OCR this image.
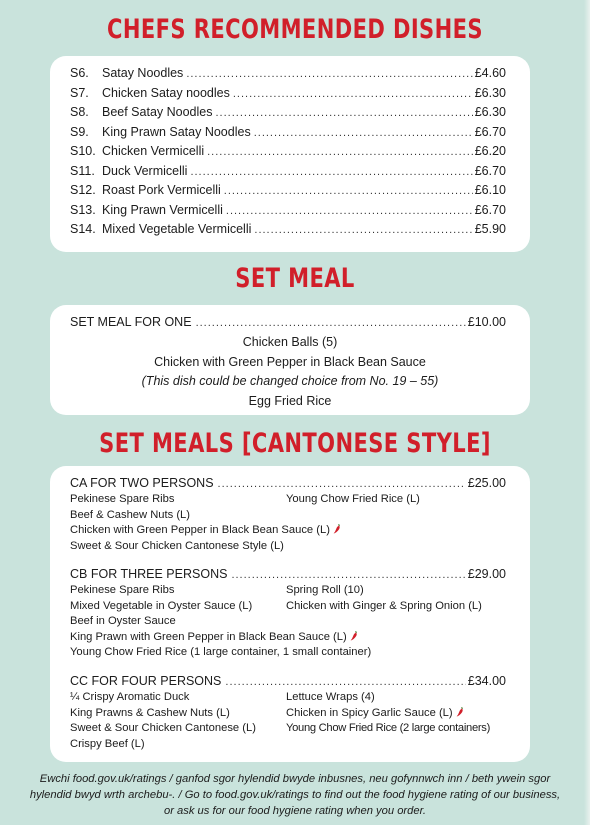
CHEFS RECOMMENDED DISHES
S6.	Satay Noodles .....	£4.60
S7.	Chicken Satay noodles .....	£6.30
S8.	Beef Satay Noodles .....	£6.30
S9.	King Prawn Satay Noodles .....	£6.70
S10. Chicken Vermicelli .....	£6.20
S11. Duck Vermicelli .....	£6.70
S12. Roast Pork Vermicelli .....	£6.10
S13. King Prawn Vermicelli .....	£6.70
S14. Mixed Vegetable Vermicelli .....	£5.90
SET MEAL
SET MEAL FOR ONE .....	£10.00
Chicken Balls (5)
Chicken with Green Pepper in Black Bean Sauce
(This dish could be changed choice from No. 19 – 55)
Egg Fried Rice
SET MEALS [CANTONESE STYLE]
CA FOR TWO PERSONS .....	£25.00
Pekinese Spare Ribs	Young Chow Fried Rice (L)
Beef & Cashew Nuts (L)
Chicken with Green Pepper in Black Bean Sauce (L)
Sweet & Sour Chicken Cantonese Style (L)
CB FOR THREE PERSONS .....	£29.00
Pekinese Spare Ribs	Spring Roll (10)
Mixed Vegetable in Oyster Sauce (L)	Chicken with Ginger & Spring Onion (L)
Beef in Oyster Sauce
King Prawn with Green Pepper in Black Bean Sauce (L)
Young Chow Fried Rice (1 large container, 1 small container)
CC FOR FOUR PERSONS .....	£34.00
¼ Crispy Aromatic Duck	Lettuce Wraps (4)
King Prawns & Cashew Nuts (L)	Chicken in Spicy Garlic Sauce (L)
Sweet & Sour Chicken Cantonese (L)	Young Chow Fried Rice (2 large containers)
Crispy Beef (L)
Ewchi food.gov.uk/ratings / ganfod sgor hylendid bwyde inbusnes, neu gofynnwch inn / beth ywein sgor
hylendid bwyd wrth archebu-. / Go to food.gov.uk/ratings to find out the food hygiene rating of our business,
or ask us for our food hygiene rating when you order.
